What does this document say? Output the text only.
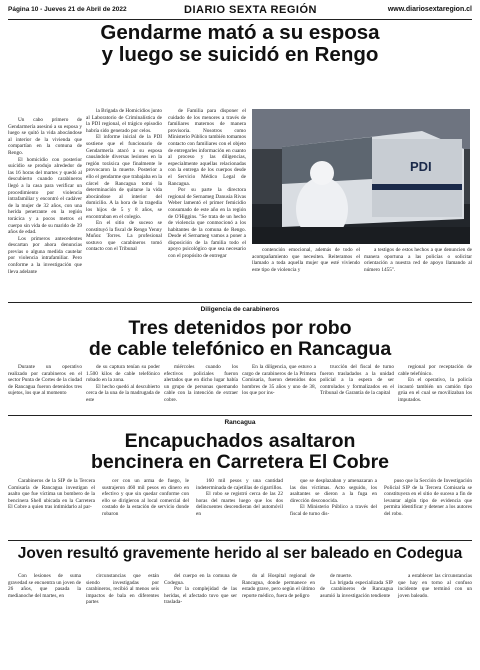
Página 10 - Jueves 21 de Abril de 2022	DIARIO SEXTA REGIÓN	www.diariosextaregion.cl
Gendarme mató a su esposa
y luego se suicidó en Rengo

Un cabo primero de Gendarmería asesinó a su esposa y luego se quitó la vida abocándose al interior de la vivienda que compartían en la comuna de Rengo.

El homicidio con posterior suicidio se produjo alrededor de las 16 horas del martes y quedó al descubierto cuando carabineros llegó a la casa para verificar un procedimiento por violencia intrafamiliar y encontró el cadáver de la mujer de 32 años, con una herida penetrante en la región torácica y a pocos metros el cuerpo sin vida de su marido de 39 años de edad.

Los primeros antecedentes descartan por ahora denuncias previas o alguna medida cautelar por violencia intrafamiliar. Pero conforme a la investigación que lleva adelante

la Brigada de Homicidios junto al Laboratorio de Criminalística de la PDI regional, el trágico episodio habría sido generado por celos.

El informe inicial de la PDI sostiene que el funcionario de Gendarmería atacó a su esposa causándole diversas lesiones en la región toráxica que finalmente le provocaron la muerte. Posterior a ello el gendarme que trabajaba en la cárcel de Rancagua tomó la determinación de quitarse la vida abocándose al interior del domicilio. A la hora de la tragedia los hijos de 5 y 8 años, se encontraban en el colegio.

En el sitio de suceso se constituyó la fiscal de Rengo Yenny Muñoz Torres. La profesional sostuvo que carabineros tomó contacto con el Tribunal

de Familia para disponer el cuidado de los menores a través de familiares maternos de manera provisoria. Nosotros como Ministerio Público también tomamos contacto con familiares con el objeto de entregarles información en cuanto al proceso y las diligencias, especialmente aquellas relacionadas con la entrega de los cuerpos desde el Servicio Médico Legal de Rancagua.

Por su parte la directora regional de Sernameg Danusia Rivas Weber lamentó el primer femicidio consumado de este año en la región de O'Higgins. "Se trata de un hecho de violencia que conmocionó a los habitantes de la comuna de Rengo. Desde el Sernameg vamos a poner a disposición de la familia todo el apoyo psicológico que sea necesario con el propósito de entregar

PDI

contención emocional, además de todo el acompañamiento que necesiten. Reiteramos el llamado a toda aquella mujer que esté viviendo este tipo de violencia y

a testigos de estos hechos a que denuncien de manera oportuna a las policías o solicitar orientación a nuestra red de apoyo llamando al número 1455".

Diligencia de carabineros
Tres detenidos por robo
de cable telefónico en Rancagua

Durante un operativo realizado por carabineros en el sector Punta de Cortes de la ciudad de Rancagua fueron detenidos tres sujetos, los que al momento

de su captura tenían su poder 1.500 kilos de cable telefónico robado en la zona.

El hecho quedó al descubierto cerca de la una de la madrugada de este

miércoles cuando los efectivos policiales fueron alertados que en dicho lugar había un grupo de personas quemando cable con la intención de extraer cobre.

En la diligencia, que estuvo a cargo de carabineros de la Primera Comisaría, fueron detenidos dos hombres de 35 años y uno de 38, los que por ins-

trucción del fiscal de turno fueron trasladados a la unidad policial a la espera de ser controlados y formalizados en el Tribunal de Garantía de la capital

regional por receptación de cable telefónico.

En el operativo, la policía incautó también un camión tipo grúa en el cual se movilizaban los imputados.

Rancagua
Encapuchados asaltaron
bencinera en Carretera El Cobre

Carabineros de la SIP de la Tercera Comisaría de Rancagua investigan el asalto que fue víctima un bombero de la bencinera Shell ubicada en la Carretera El Cobre a quien tras intimidarlo al par-

cer con un arma de fuego, le sustrajeron 460 mil pesos en dinero en efectivo y que sin quedar conforme con ello se dirigieron al local comercial del costado de la estación de servicio donde robaron

160 mil pesos y una cantidad indeterminada de cajetillas de cigarrillos.

El robo se registró cerca de las 22 horas del martes luego que los dos delincuentes descendieran del automóvil en

que se desplazaban y amenazaran a las dos víctimas. Acto seguido, los asaltantes se dieron a la fuga en dirección desconocida.

El Ministerio Público a través del fiscal de turno dis-

puso que la Sección de Investigación Policial SIP de la Tercera Comisaría se constituyera en el sitio de suceso a fin de levantar algún tipo de evidencia que permita identificar y detener a los autores del robo.

Joven resultó gravemente herido al ser baleado en Codegua

Con lesiones de suma gravedad se encuentra un joven de 26 años, que pasada la medianoche del martes, en

circunstancias que están siendo investigadas por carabineros, recibió al menos seis impactos de bala en diferentes partes

del cuerpo en la comuna de Codegua.

Por la complejidad de las heridas, el afectado tuvo que ser traslada-

do al Hospital regional de Rancagua, donde permanece en estado grave, pero según el último reporte médico, fuera de peligro

de muerte.

La brigada especializada SIP de carabineros de Rancagua asumió la investigación tendiente

a establecer las circunstancias que hay en torno al confuso incidente que terminó con un joven baleado.
